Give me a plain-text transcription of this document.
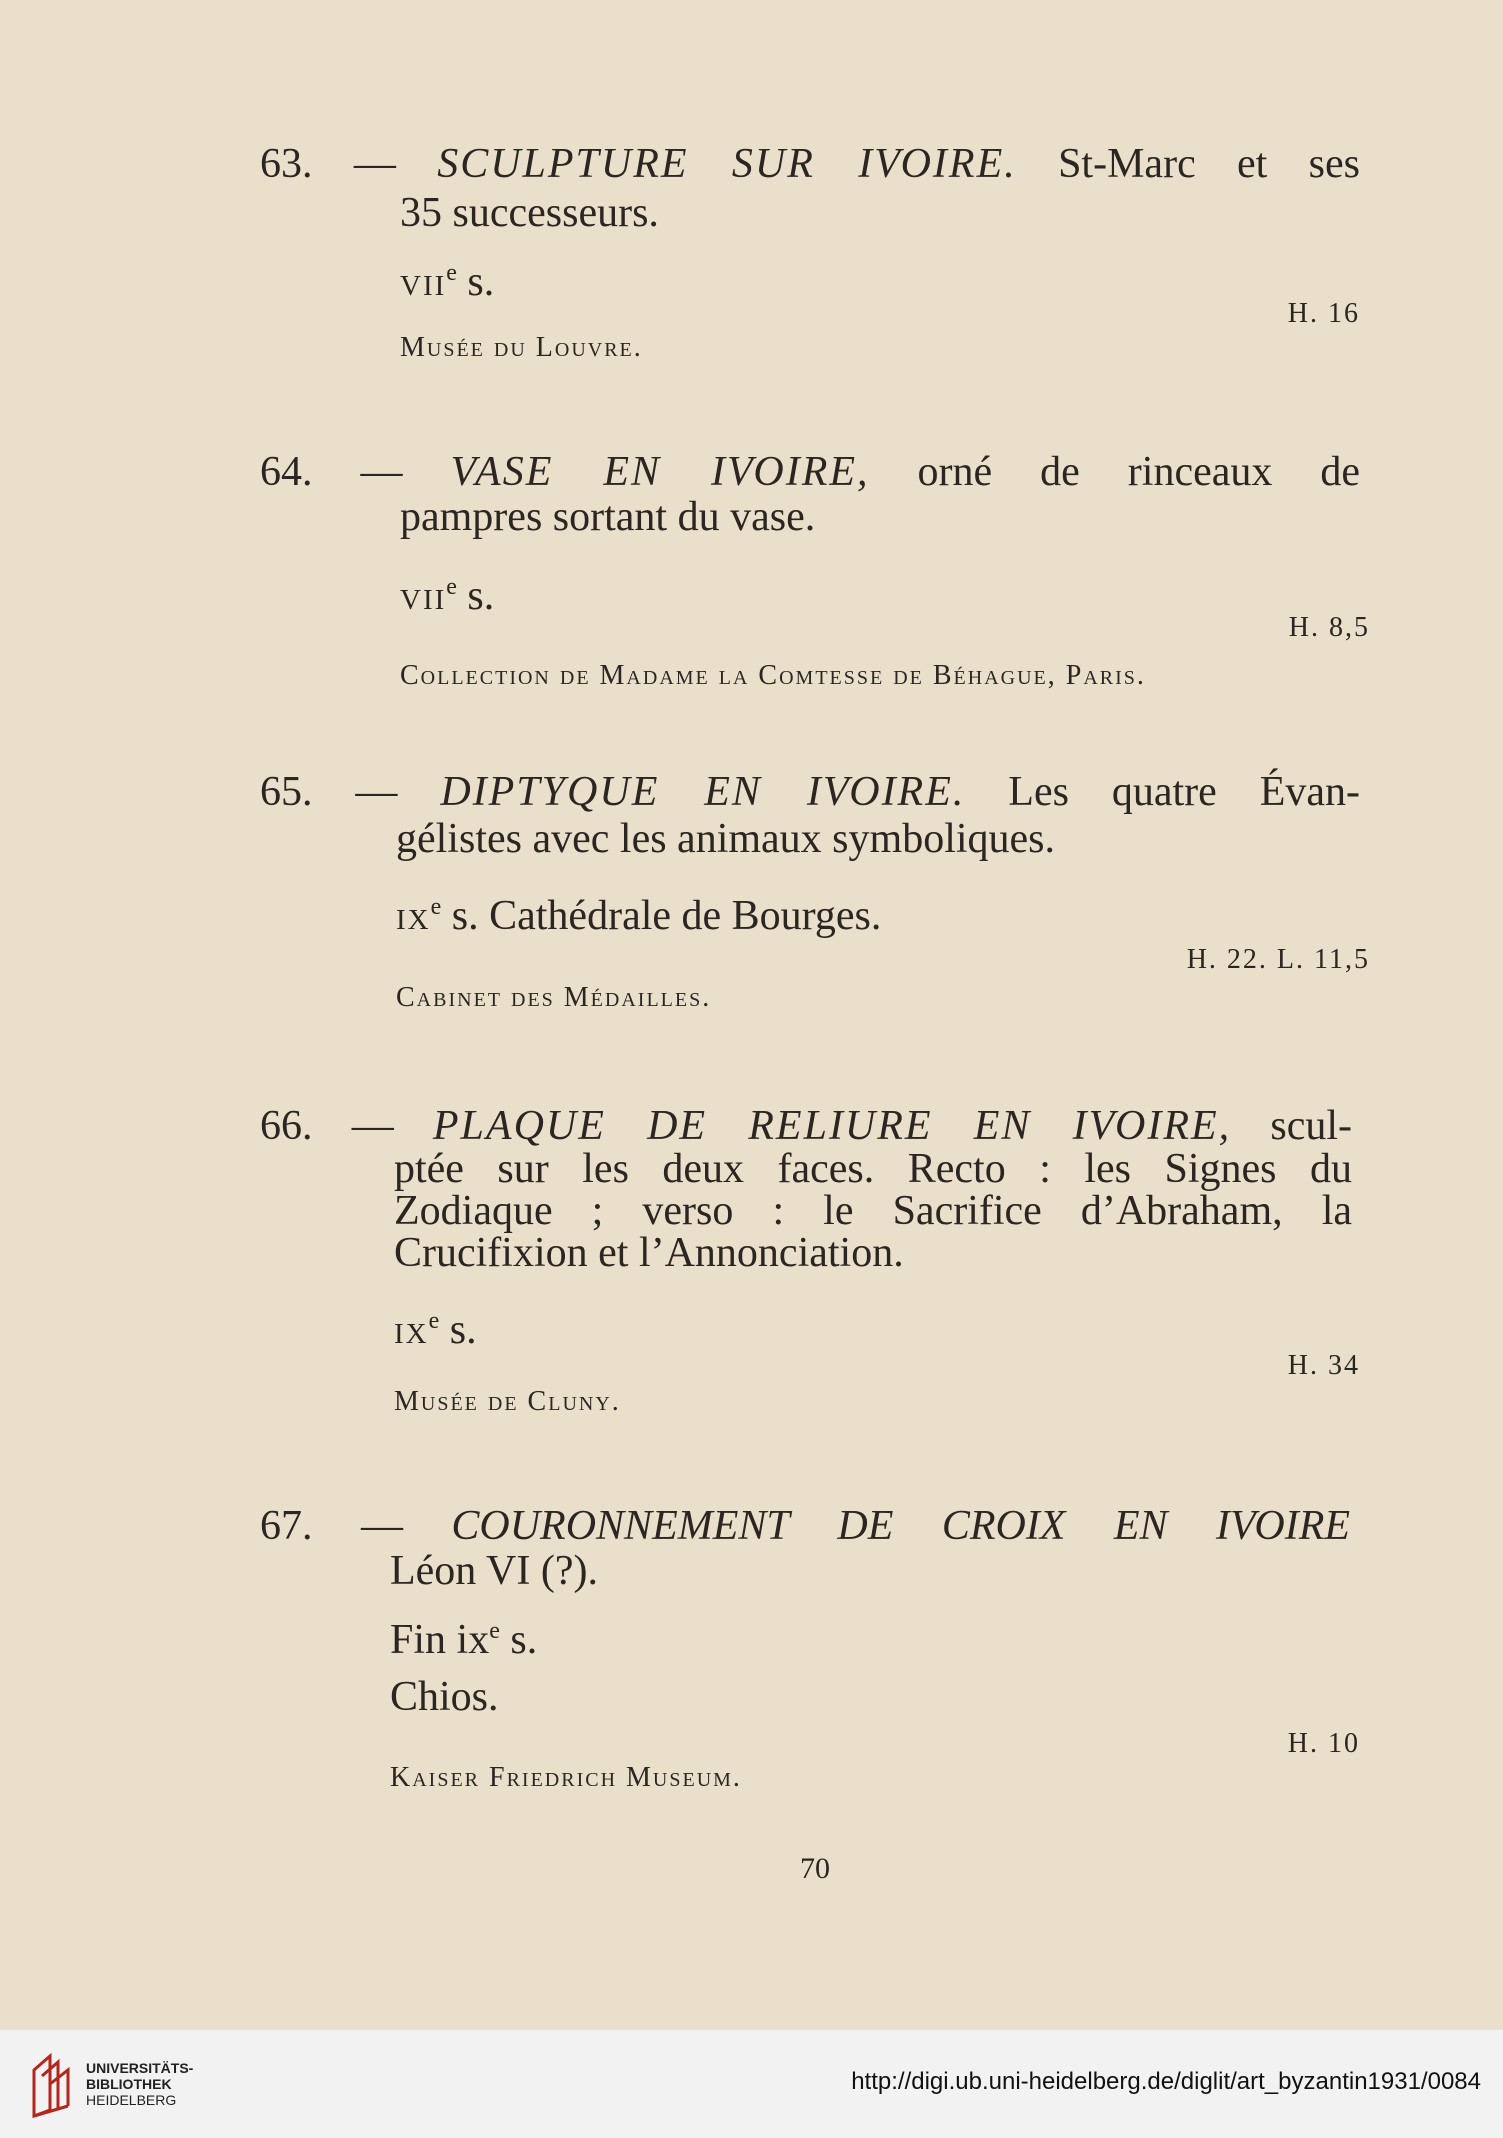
63. — SCULPTURE SUR IVOIRE. St-Marc et ses
35 successeurs.
vii$^e$ s.
H. 16
Musée du Louvre.
64. — VASE EN IVOIRE, orné de rinceaux de
pampres sortant du vase.
vii$^e$ s.
H. 8,5
Collection de Madame la Comtesse de Béhague, Paris.
65. — DIPTYQUE EN IVOIRE. Les quatre Évan-
gélistes avec les animaux symboliques.
$ix^e$ s. Cathédrale de Bourges.
H. 22. L. 11,5
Cabinet des Médailles.
66. — PLAQUE DE RELIURE EN IVOIRE, scul-
ptée sur les deux faces. Recto : les Signes du
Zodiaque ; verso : le Sacrifice d’Abraham, la
Crucifixion et l’Annonciation.
$ix^e$ s.
H. 34
Musée de Cluny.
67. — COURONNEMENT DE CROIX EN IVOIRE
Léon VI (?).
Fin $ix^e$ s.
Chios.
H. 10
Kaiser Friedrich Museum.
70
UNIVERSITÄTS-
BIBLIOTHEK
HEIDELBERG
http://digi.ub.uni-heidelberg.de/diglit/art_byzantin1931/0084
